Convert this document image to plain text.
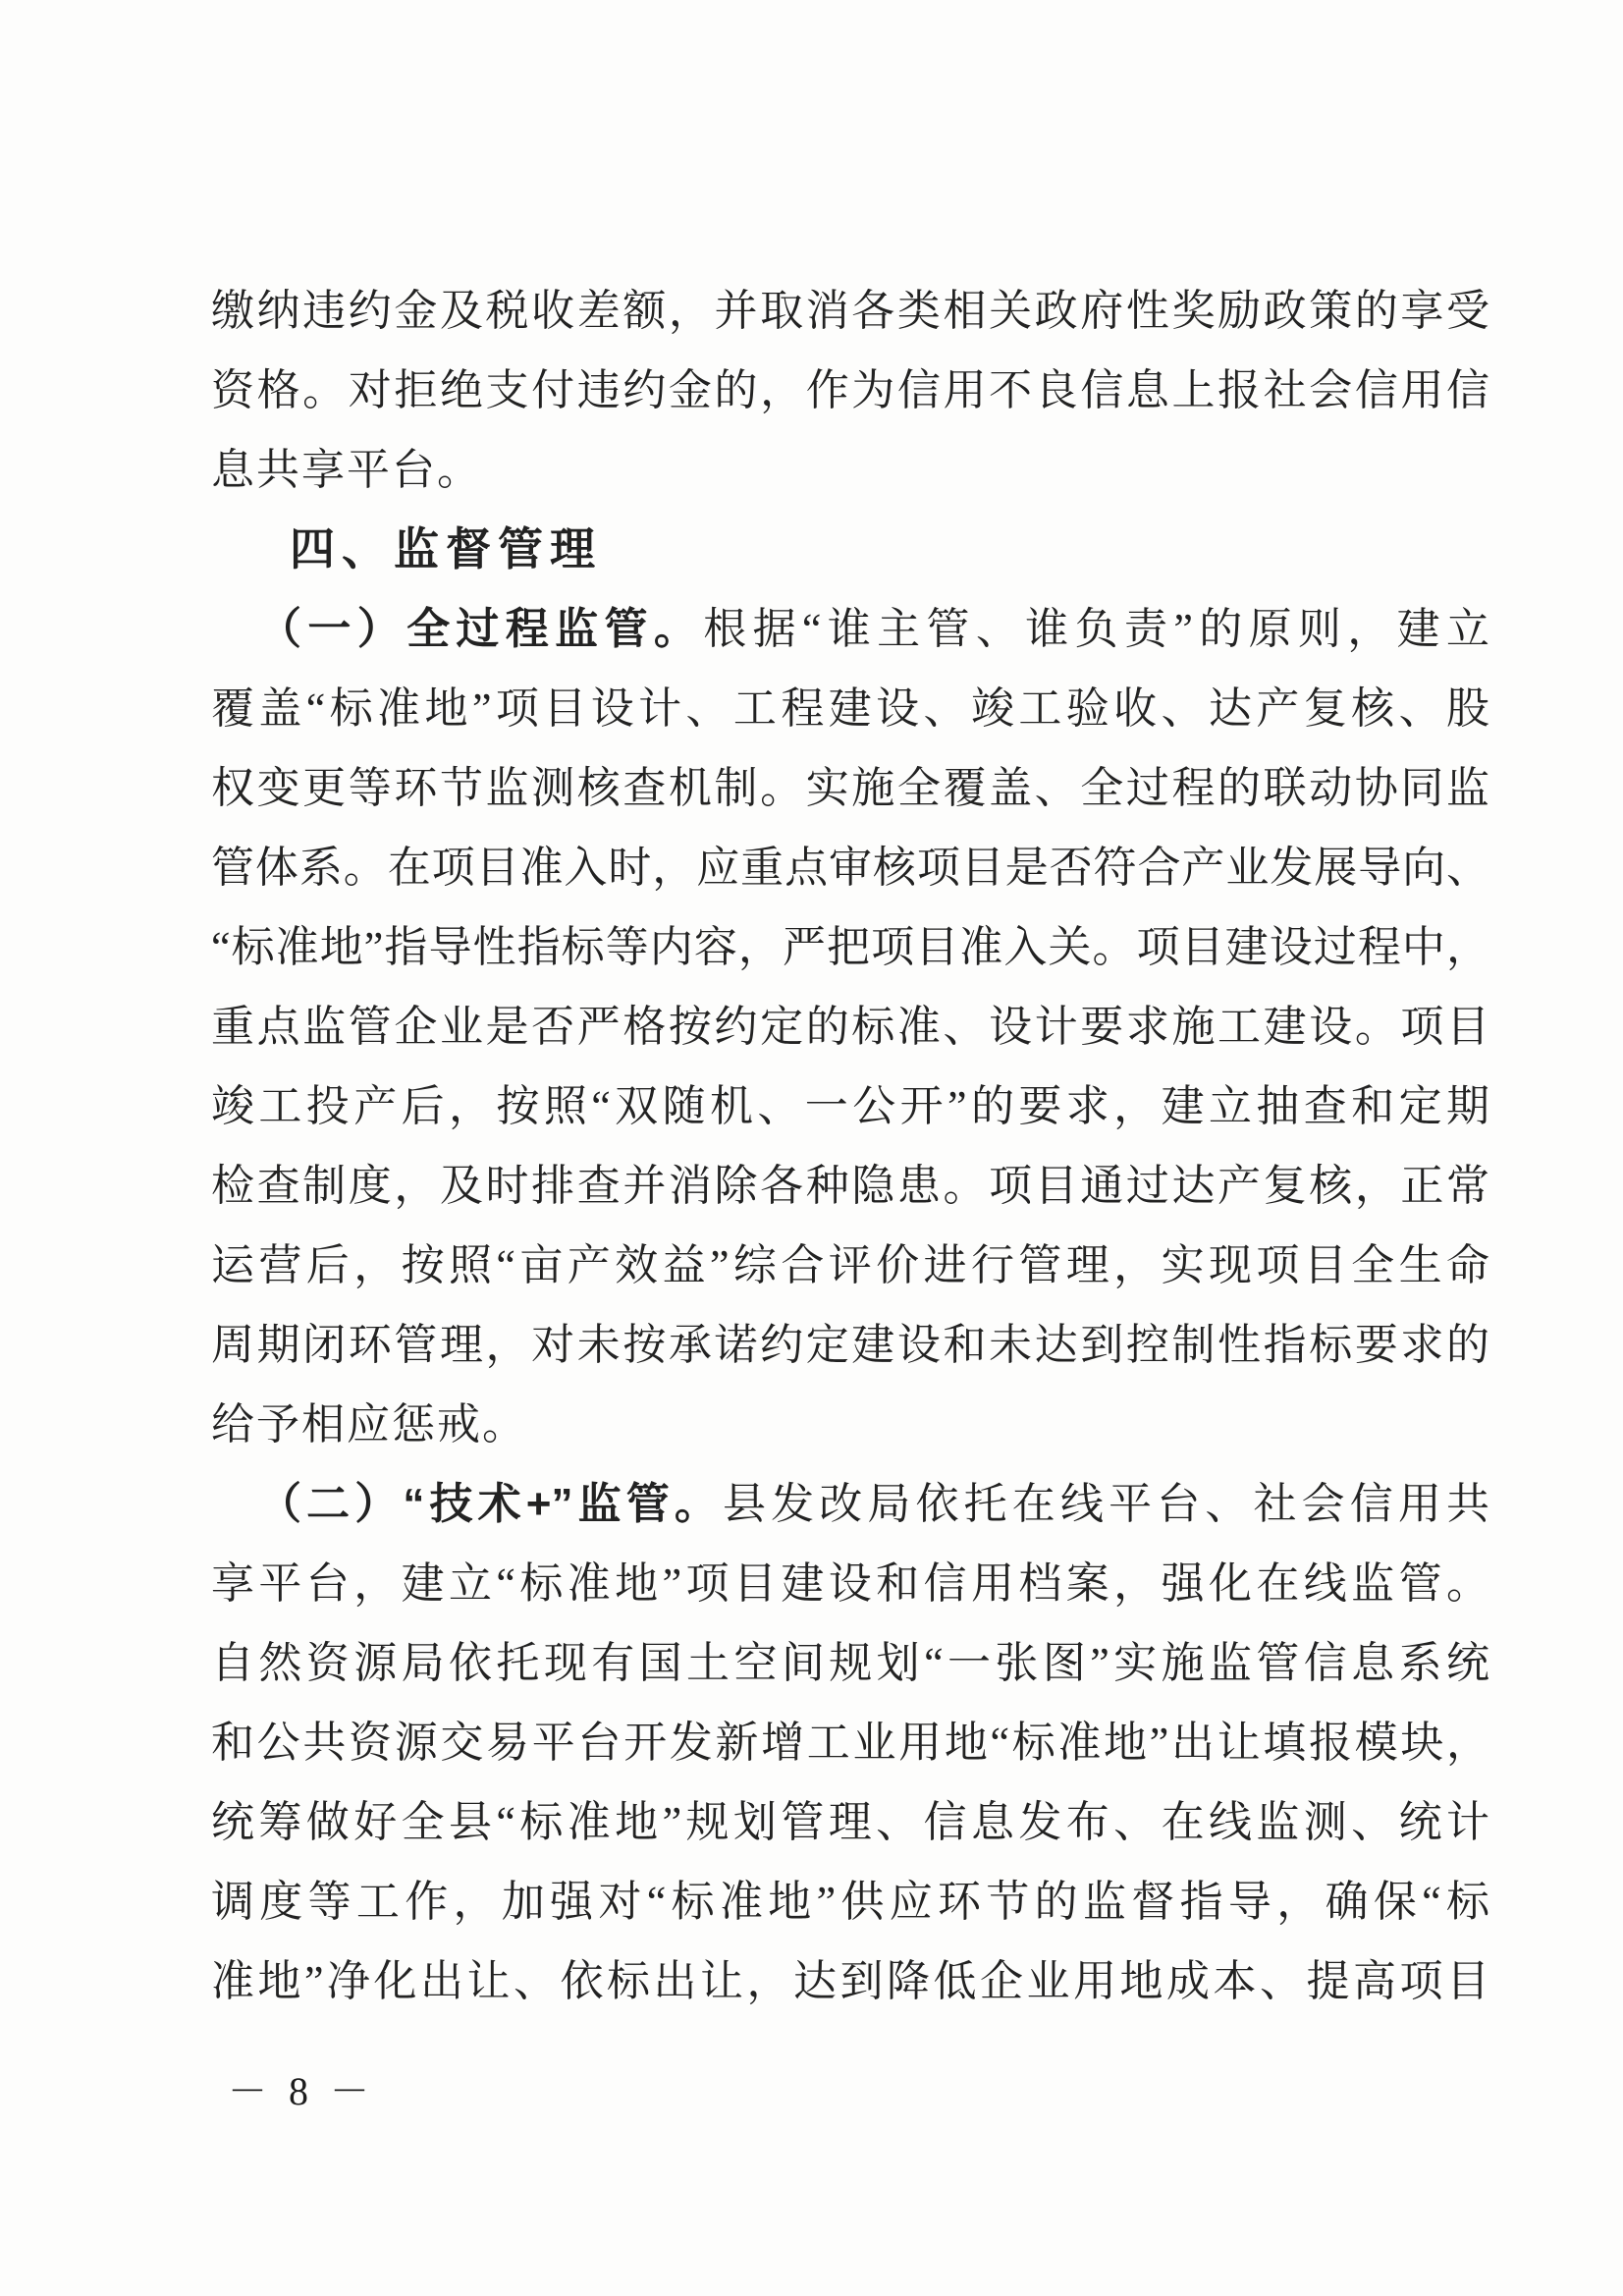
缴纳违约金及税收差额，并取消各类相关政府性奖励政策的享受
资格。对拒绝支付违约金的，作为信用不良信息上报社会信用信
息共享平台。
四、监督管理
（一）全过程监管。根据“谁主管、谁负责”的原则，建立
覆盖“标准地”项目设计、工程建设、竣工验收、达产复核、股
权变更等环节监测核查机制。实施全覆盖、全过程的联动协同监
管体系。在项目准入时，应重点审核项目是否符合产业发展导向、
“标准地”指导性指标等内容，严把项目准入关。项目建设过程中，
重点监管企业是否严格按约定的标准、设计要求施工建设。项目
竣工投产后，按照“双随机、一公开”的要求，建立抽查和定期
检查制度，及时排查并消除各种隐患。项目通过达产复核，正常
运营后，按照“亩产效益”综合评价进行管理，实现项目全生命
周期闭环管理，对未按承诺约定建设和未达到控制性指标要求的
给予相应惩戒。
（二）“技术+”监管。县发改局依托在线平台、社会信用共
享平台，建立“标准地”项目建设和信用档案，强化在线监管。
自然资源局依托现有国土空间规划“一张图”实施监管信息系统
和公共资源交易平台开发新增工业用地“标准地”出让填报模块，
统筹做好全县“标准地”规划管理、信息发布、在线监测、统计
调度等工作，加强对“标准地”供应环节的监督指导，确保“标
准地”净化出让、依标出让，达到降低企业用地成本、提高项目
－ 8 －
